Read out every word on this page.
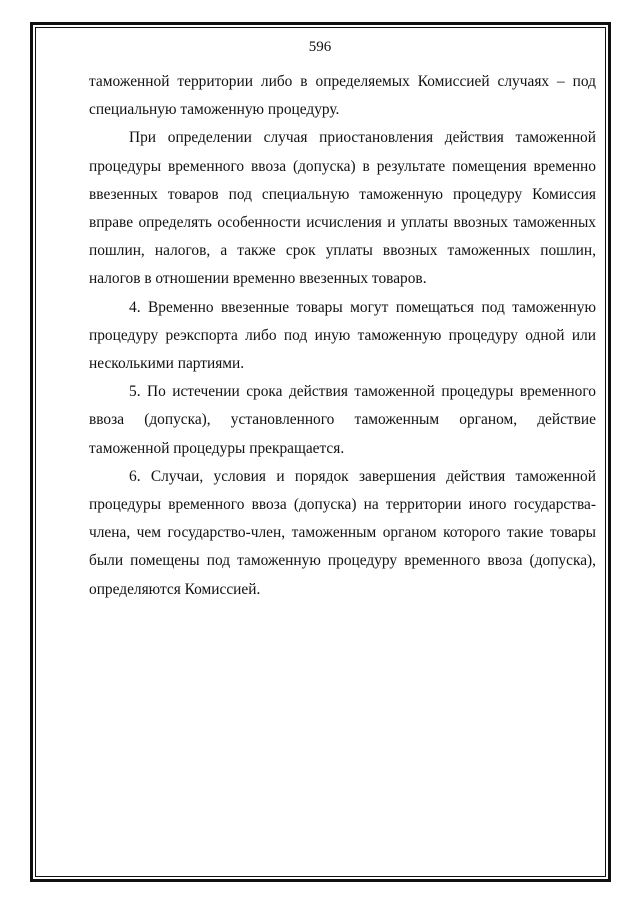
596

таможенной территории либо в определяемых Комиссией случаях – под специальную таможенную процедуру.

При определении случая приостановления действия таможенной процедуры временного ввоза (допуска) в результате помещения временно ввезенных товаров под специальную таможенную процедуру Комиссия вправе определять особенности исчисления и уплаты ввозных таможенных пошлин, налогов, а также срок уплаты ввозных таможенных пошлин, налогов в отношении временно ввезенных товаров.

4. Временно ввезенные товары могут помещаться под таможенную процедуру реэкспорта либо под иную таможенную процедуру одной или несколькими партиями.

5. По истечении срока действия таможенной процедуры временного ввоза (допуска), установленного таможенным органом, действие таможенной процедуры прекращается.

6. Случаи, условия и порядок завершения действия таможенной процедуры временного ввоза (допуска) на территории иного государства-члена, чем государство-член, таможенным органом которого такие товары были помещены под таможенную процедуру временного ввоза (допуска), определяются Комиссией.
